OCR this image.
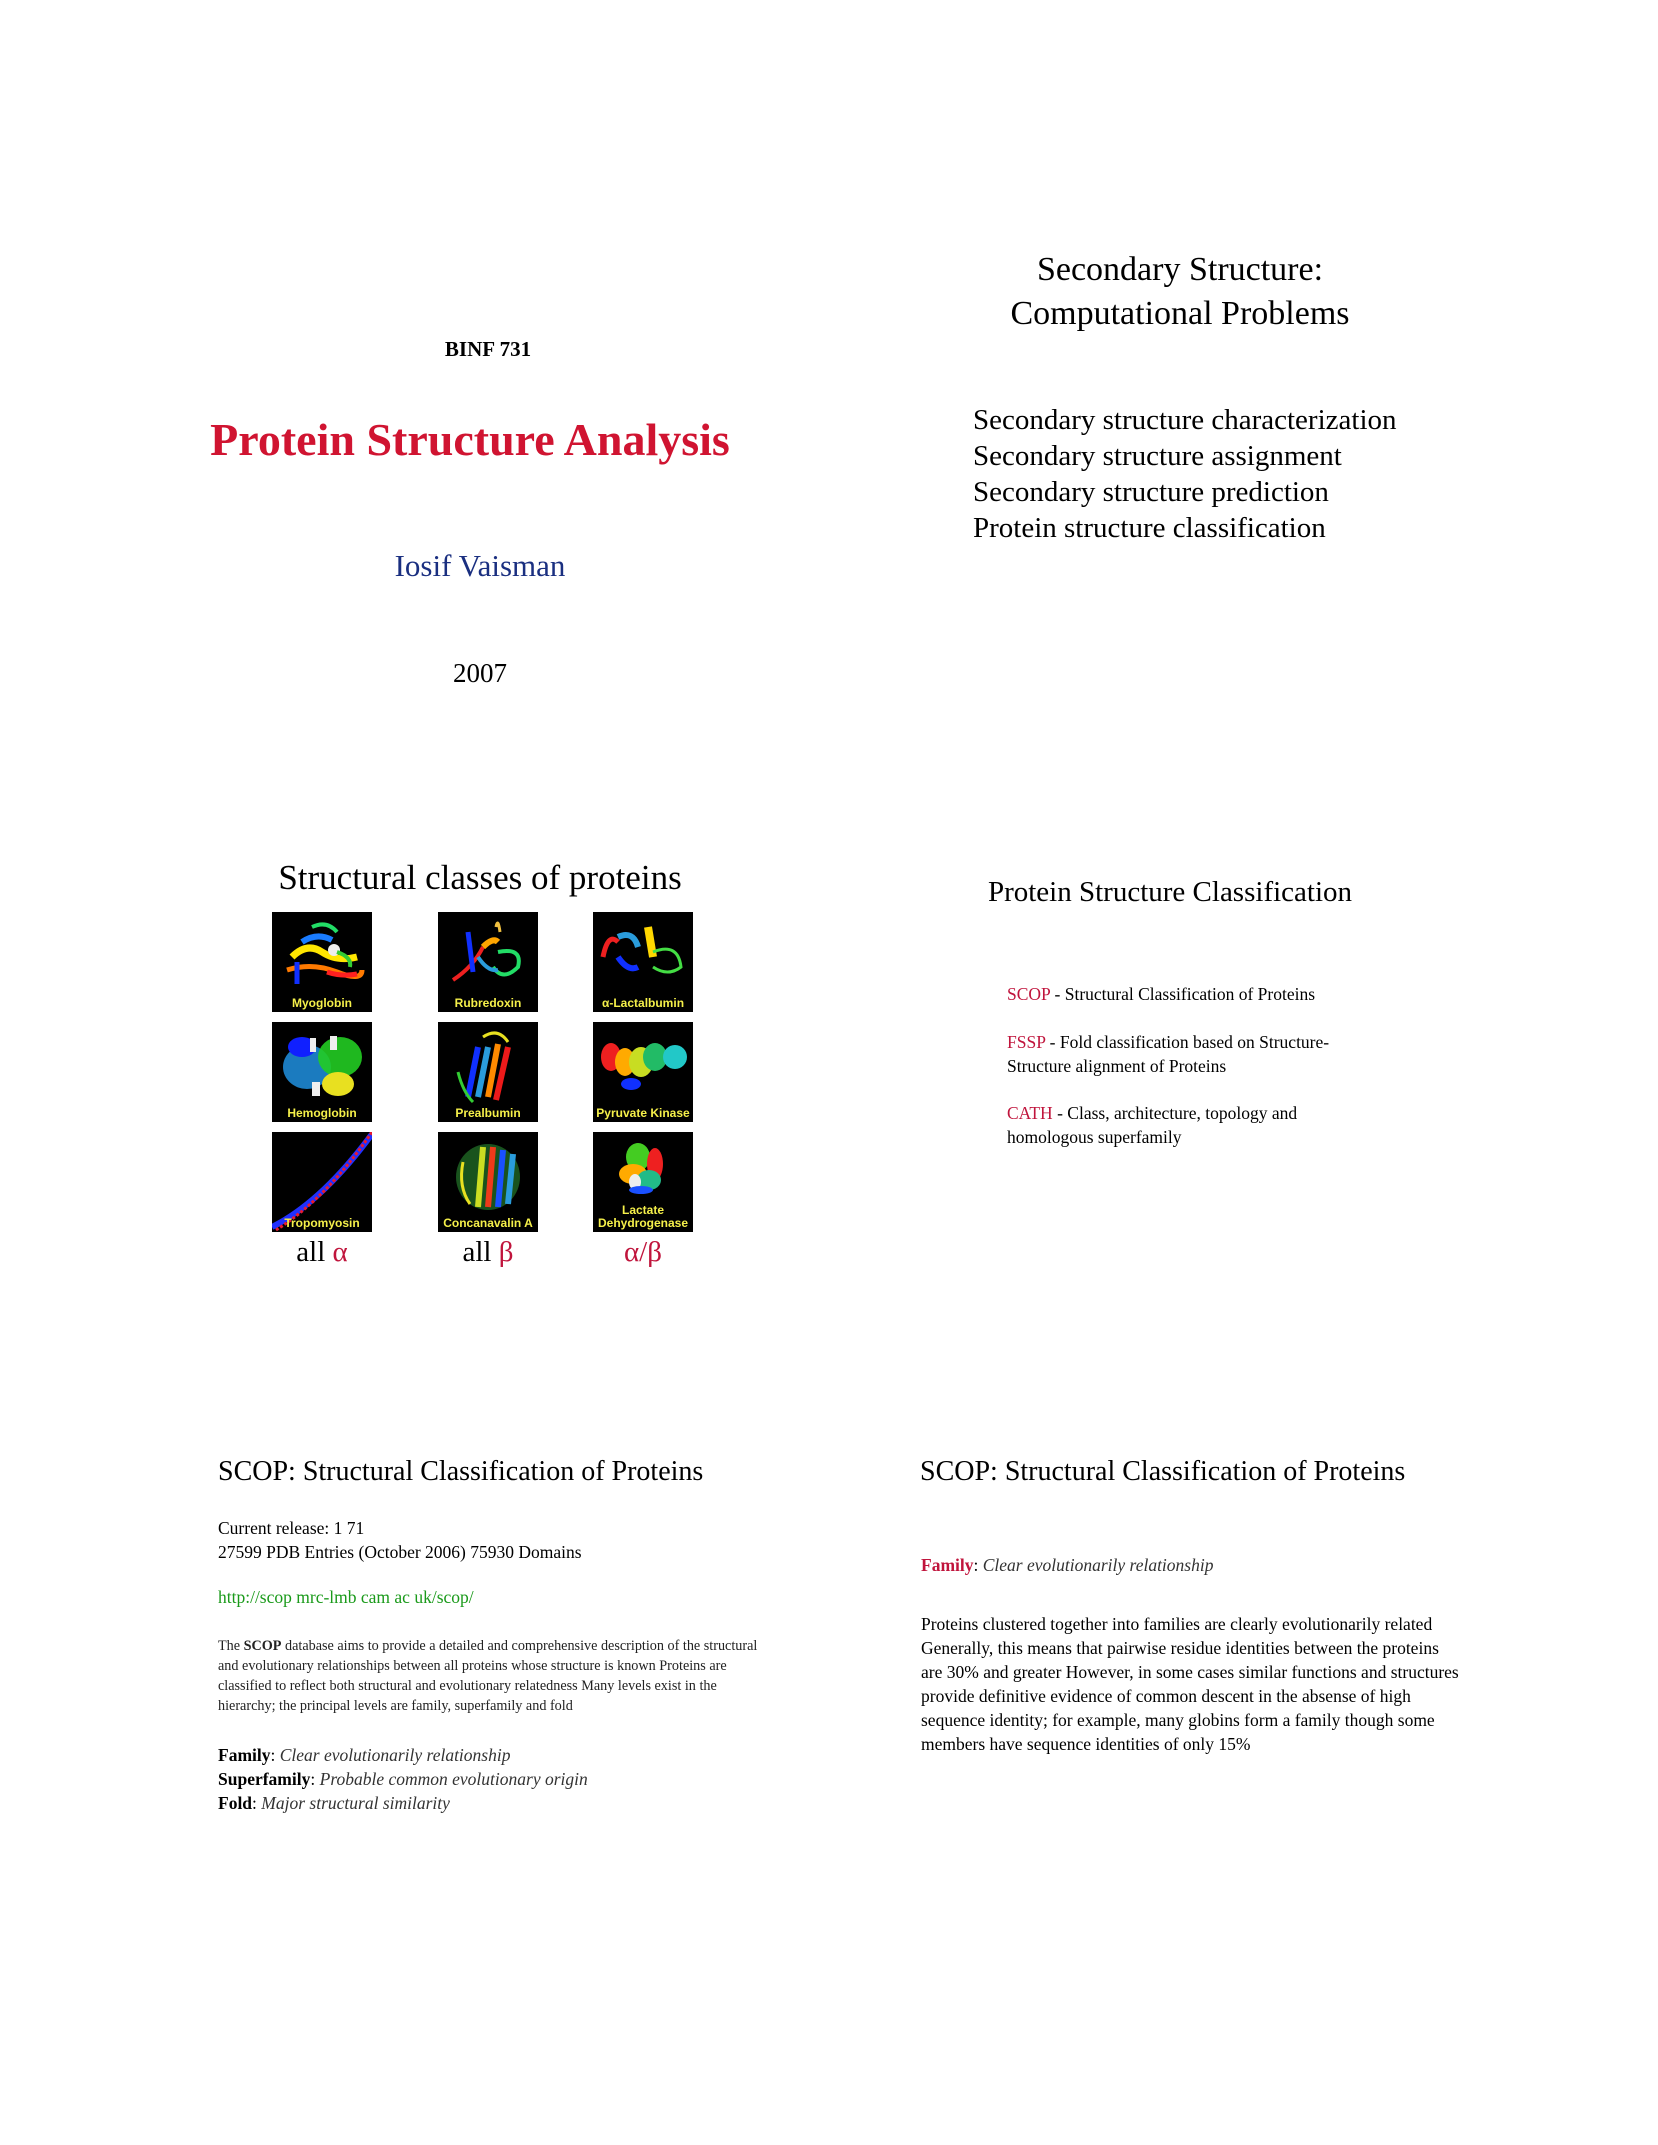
BINF 731
Protein Structure Analysis
Iosif Vaisman
2007
Secondary Structure:
Computational Problems
Secondary structure characterization
Secondary structure assignment
Secondary structure prediction
Protein structure classification
Structural classes of proteins
Myoglobin
Hemoglobin
Tropomyosin
Rubredoxin
Prealbumin
Concanavalin A
α-Lactalbumin
Pyruvate Kinase
Lactate
Dehydrogenase
all α	all β	α/β
Protein Structure Classification
SCOP - Structural Classification of Proteins
FSSP - Fold classification based on Structure-Structure alignment of Proteins
CATH - Class, architecture, topology and homologous superfamily
SCOP: Structural Classification of Proteins
Current release: 1 71
27599 PDB Entries (October 2006) 75930 Domains
http://scop mrc-lmb cam ac uk/scop/
The SCOP database aims to provide a detailed and comprehensive description of the structural and evolutionary relationships between all proteins whose structure is known Proteins are classified to reflect both structural and evolutionary relatedness Many levels exist in the hierarchy; the principal levels are family, superfamily and fold
Family: Clear evolutionarily relationship
Superfamily: Probable common evolutionary origin
Fold: Major structural similarity
SCOP: Structural Classification of Proteins
Family: Clear evolutionarily relationship
Proteins clustered together into families are clearly evolutionarily related Generally, this means that pairwise residue identities between the proteins are 30% and greater However, in some cases similar functions and structures provide definitive evidence of common descent in the absense of high sequence identity; for example, many globins form a family though some members have sequence identities of only 15%
